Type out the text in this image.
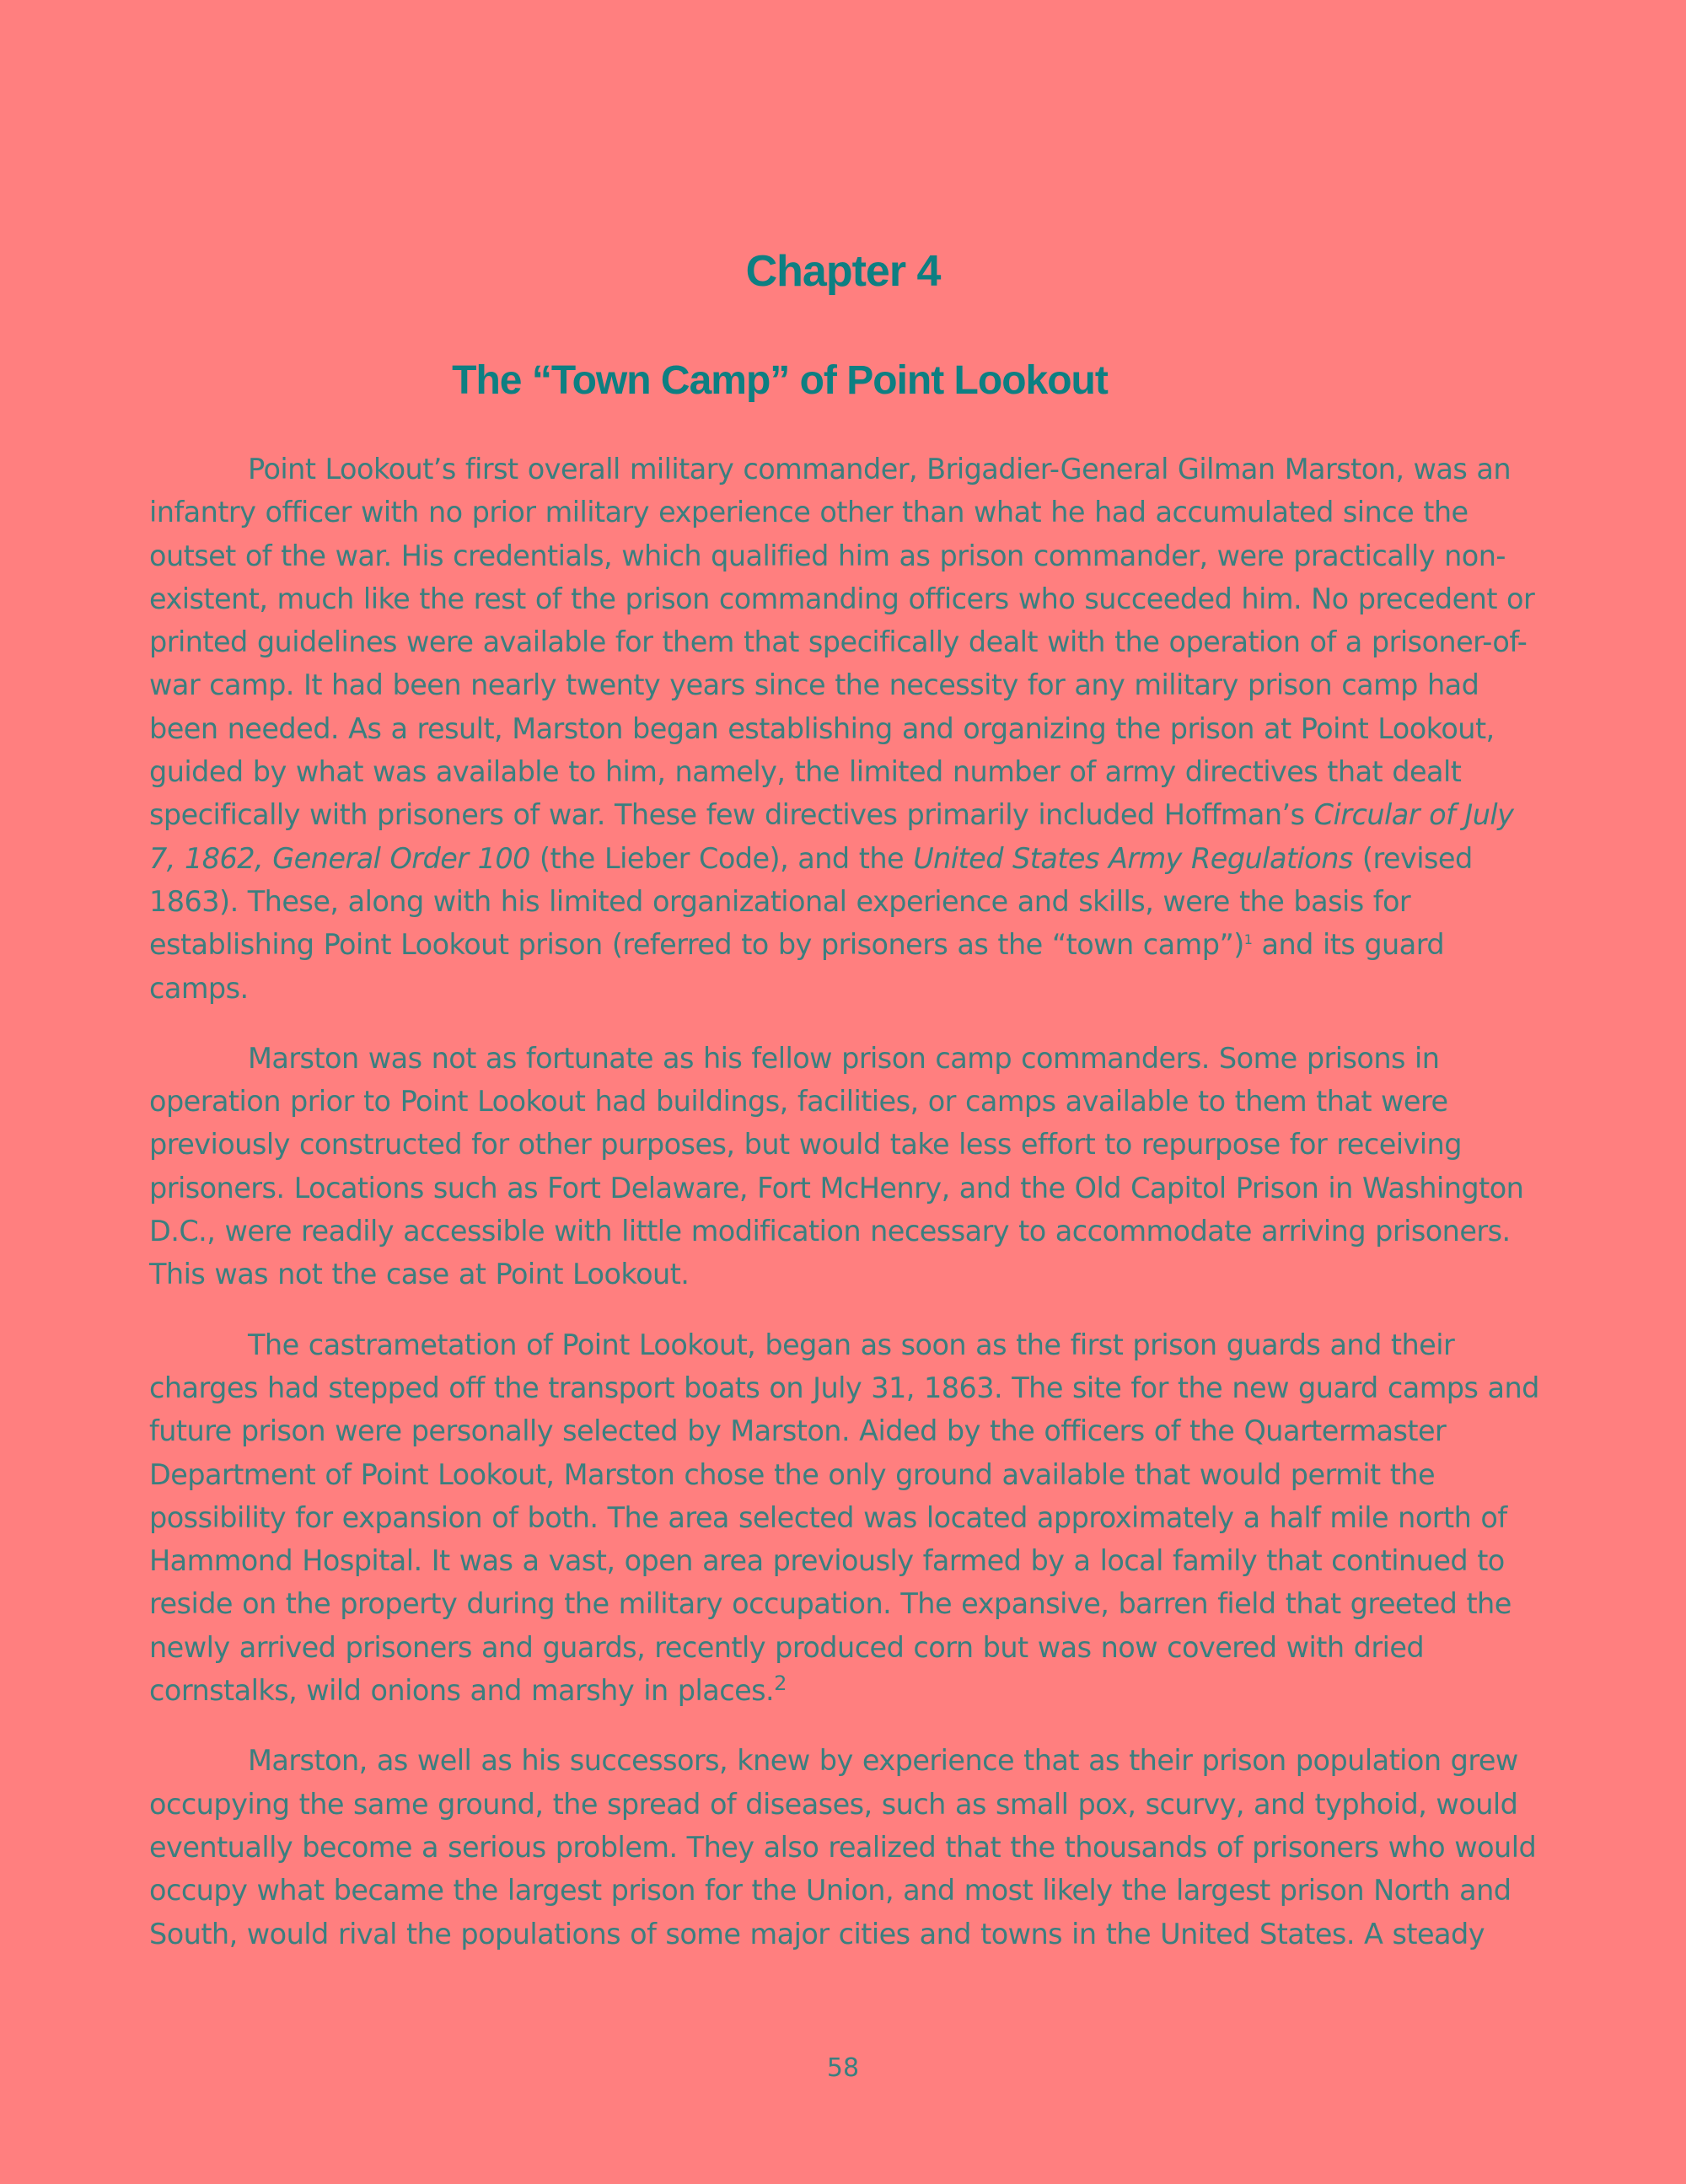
Chapter 4
The “Town Camp” of Point Lookout

Point Lookout’s first overall military commander, Brigadier-General Gilman Marston, was an infantry officer with no prior military experience other than what he had accumulated since the outset of the war. His credentials, which qualified him as prison commander, were practically non-existent, much like the rest of the prison commanding officers who succeeded him. No precedent or printed guidelines were available for them that specifically dealt with the operation of a prisoner-of-war camp. It had been nearly twenty years since the necessity for any military prison camp had been needed. As a result, Marston began establishing and organizing the prison at Point Lookout, guided by what was available to him, namely, the limited number of army directives that dealt specifically with prisoners of war. These few directives primarily included Hoffman’s Circular of July 7, 1862, General Order 100 (the Lieber Code), and the United States Army Regulations (revised 1863). These, along with his limited organizational experience and skills, were the basis for establishing Point Lookout prison (referred to by prisoners as the “town camp”)$^1$ and its guard camps.

Marston was not as fortunate as his fellow prison camp commanders. Some prisons in operation prior to Point Lookout had buildings, facilities, or camps available to them that were previously constructed for other purposes, but would take less effort to repurpose for receiving prisoners. Locations such as Fort Delaware, Fort McHenry, and the Old Capitol Prison in Washington D.C., were readily accessible with little modification necessary to accommodate arriving prisoners. This was not the case at Point Lookout.

The castrametation of Point Lookout, began as soon as the first prison guards and their charges had stepped off the transport boats on July 31, 1863. The site for the new guard camps and future prison were personally selected by Marston. Aided by the officers of the Quartermaster Department of Point Lookout, Marston chose the only ground available that would permit the possibility for expansion of both. The area selected was located approximately a half mile north of Hammond Hospital. It was a vast, open area previously farmed by a local family that continued to reside on the property during the military occupation. The expansive, barren field that greeted the newly arrived prisoners and guards, recently produced corn but was now covered with dried cornstalks, wild onions and marshy in places.$^2$

Marston, as well as his successors, knew by experience that as their prison population grew occupying the same ground, the spread of diseases, such as small pox, scurvy, and typhoid, would eventually become a serious problem. They also realized that the thousands of prisoners who would occupy what became the largest prison for the Union, and most likely the largest prison North and South, would rival the populations of some major cities and towns in the United States. A steady

58
